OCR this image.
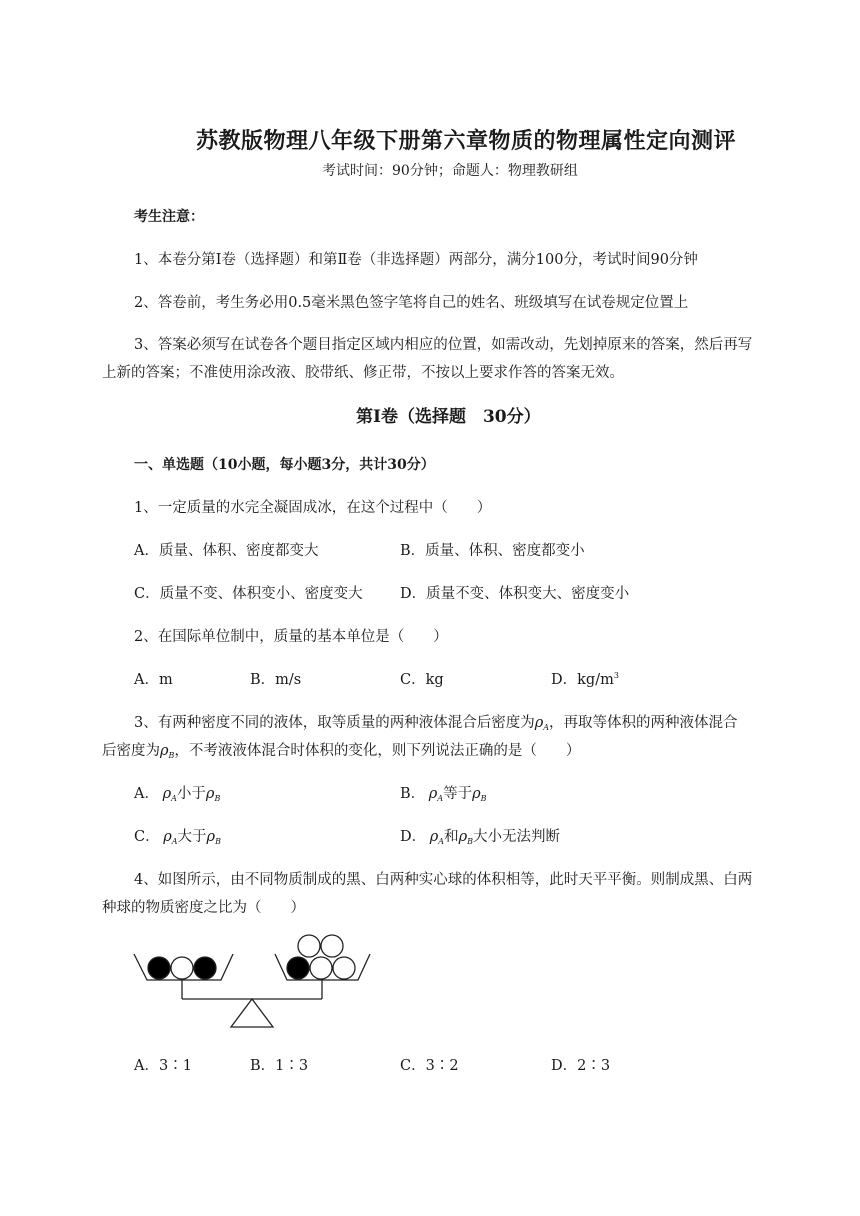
苏教版物理八年级下册第六章物质的物理属性定向测评
考试时间：90分钟；命题人：物理教研组
考生注意：
1、本卷分第Ⅰ卷（选择题）和第Ⅱ卷（非选择题）两部分，满分100分，考试时间90分钟
2、答卷前，考生务必用0.5毫米黑色签字笔将自己的姓名、班级填写在试卷规定位置上
3、答案必须写在试卷各个题目指定区域内相应的位置，如需改动，先划掉原来的答案，然后再写
上新的答案；不准使用涂改液、胶带纸、修正带，不按以上要求作答的答案无效。
第Ⅰ卷（选择题　30分）
一、单选题（10小题，每小题3分，共计30分）
1、一定质量的水完全凝固成冰，在这个过程中（　　）
A．质量、体积、密度都变大	B．质量、体积、密度都变小
C．质量不变、体积变小、密度变大	D．质量不变、体积变大、密度变小
2、在国际单位制中，质量的基本单位是（　　）
A．m	B．m/s	C．kg	D．$kg/m^3$
3、有两种密度不同的液体，取等质量的两种液体混合后密度为$\rho_A$，再取等体积的两种液体混合
后密度为$\rho_B$，不考液液体混合时体积的变化，则下列说法正确的是（　　）
A．  $\rho_A$小于$\rho_B$	B．  $\rho_A$等于$\rho_B$
C．  $\rho_A$大于$\rho_B$	D．  $\rho_A$和$\rho_B$大小无法判断
4、如图所示，由不同物质制成的黑、白两种实心球的体积相等，此时天平平衡。则制成黑、白两
种球的物质密度之比为（　　）
A．3∶1	B．1∶3	C．3∶2	D．2∶3
